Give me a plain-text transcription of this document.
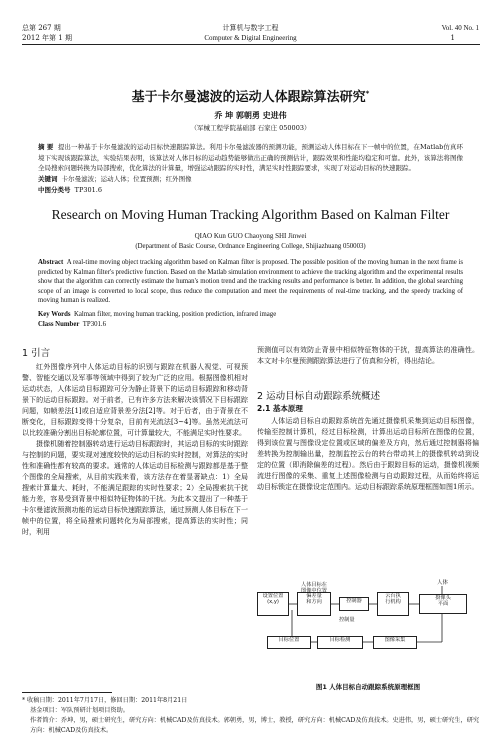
总第 267 期
2012 年第 1 期
计算机与数字工程
Computer & Digital Engineering
Vol. 40 No. 1
1
基于卡尔曼滤波的运动人体跟踪算法研究*
乔 坤 郭朝勇 史进伟
（军械工程学院基础部 石家庄 050003）
摘 要 提出一种基于卡尔曼滤波的运动目标快速跟踪算法。利用卡尔曼滤波器的预测功能，预测运动人体目标在下一帧中的位置，在Matlab仿真环境下实现该跟踪算法，实验结果表明，该算法对人体目标的运动趋势能够做出正确的预测估计，跟踪效果和性能均稳定和可靠。此外，该算法将图像全局搜索问题转换为局部搜索，优化算法的计算量，增强运动跟踪的实时性，满足实时性跟踪要求，实现了对运动目标的快速跟踪。
关键词 卡尔曼滤波；运动人体；位置预测；红外图像
中图分类号 TP301.6
Research on Moving Human Tracking Algorithm Based on Kalman Filter
QIAO Kun GUO Chaoyong SHI Jinwei
(Department of Basic Course, Ordnance Engineering College, Shijiazhuang 050003)
Abstract A real-time moving object tracking algorithm based on Kalman filter is proposed. The possible position of the moving human in the next frame is predicted by Kalman filter's predictive function. Based on the Matlab simulation environment to achieve the tracking algorithm and the experimental results show that the algorithm can correctly estimate the human's motion trend and the tracking results and performance is better. In addition, the global searching scope of an image is converted to local scope, thus reduce the computation and meet the requirements of real-time tracking, and the speedy tracking of moving human is realized.
Key Words Kalman filter, moving human tracking, position prediction, infrared image
Class Number TP301.6
1 引言
红外图像序列中人体运动目标的识别与跟踪在机器人视觉、可视预警、智能交通以及军事等领域中得到了较为广泛的应用。根据图像机相对运动状态，人体运动目标跟踪可分为静止背景下的运动目标跟踪和移动背景下的运动目标跟踪。对于前者，已有许多方法来解决该情况下目标跟踪问题，如帧差法[1]或自适应背景差分法[2]等。对于后者，由于背景在不断变化，目标跟踪变得十分复杂，目前有光流法[3~4]等。虽然光流法可以比较准确分割出目标轮廓位置，可计算量较大，不能满足实时性要求。
摄像机随着控制器转动进行运动目标跟踪时，其运动目标的实时跟踪与控制的问题，要实现对速度较快的运动目标的实时控制，对算法的实时性和准确性都有较高的要求。通常的人体运动目标检测与跟踪都是基于整个图像的全局搜索，从目前实践来看，该方法存在着显著缺点：1）全局搜索计算量大、耗时，不能满足跟踪的实时性要求；2）全局搜索抗干扰能力差，容易受到背景中相似特征物体的干扰。为此本文提出了一种基于卡尔曼滤波预测功能的运动目标快速跟踪算法，通过预测人体目标在下一帧中的位置，将全局搜索问题转化为局部搜索，提高算法的实时性；同时，利用
预测值可以有效防止背景中相似特征物体的干扰，提高算法的准确性。本文对卡尔曼预测跟踪算法进行了仿真和分析，得出结论。
2 运动目标自动跟踪系统概述
2.1 基本原理
人体运动目标自动跟踪系统首先通过摄像机采集到运动目标图像，传输至控制计算机，经过目标检测，计算出运动目标所在图像的位置，得到该位置与图像设定位置或区域的偏差及方向，然后通过控制器将偏差转换为控制输出量，控制监控云台的转台带动其上的摄像机转动到设定的位置（即消除偏差的过程）。然后由于跟踪目标的运动，摄像机视频流进行图像的采集、重复上述图像检测与自动跟踪过程，从而始终将运动目标锁定在摄像设定范围内。运动目标跟踪系统原理框图如图1所示。
设置位置
(x,y)
偏差量
和方向	控制器
云台执
行机构
摄像头
平面
人体
人体目标在
图像中位置
控制量
图像采集
目标检测
目标位置
图1 人体目标自动跟踪系统原理框图
* 收稿日期：2011年7月17日，修回日期：2011年8月21日
基金项目：军队预研计划项目资助。
作者简介：乔坤，男，硕士研究生，研究方向：机械CAD及仿真技术。郭朝勇，男，博士，教授，研究方向：机械CAD及仿真技术。史进伟，男，硕士研究生，研究方向：机械CAD及仿真技术。
